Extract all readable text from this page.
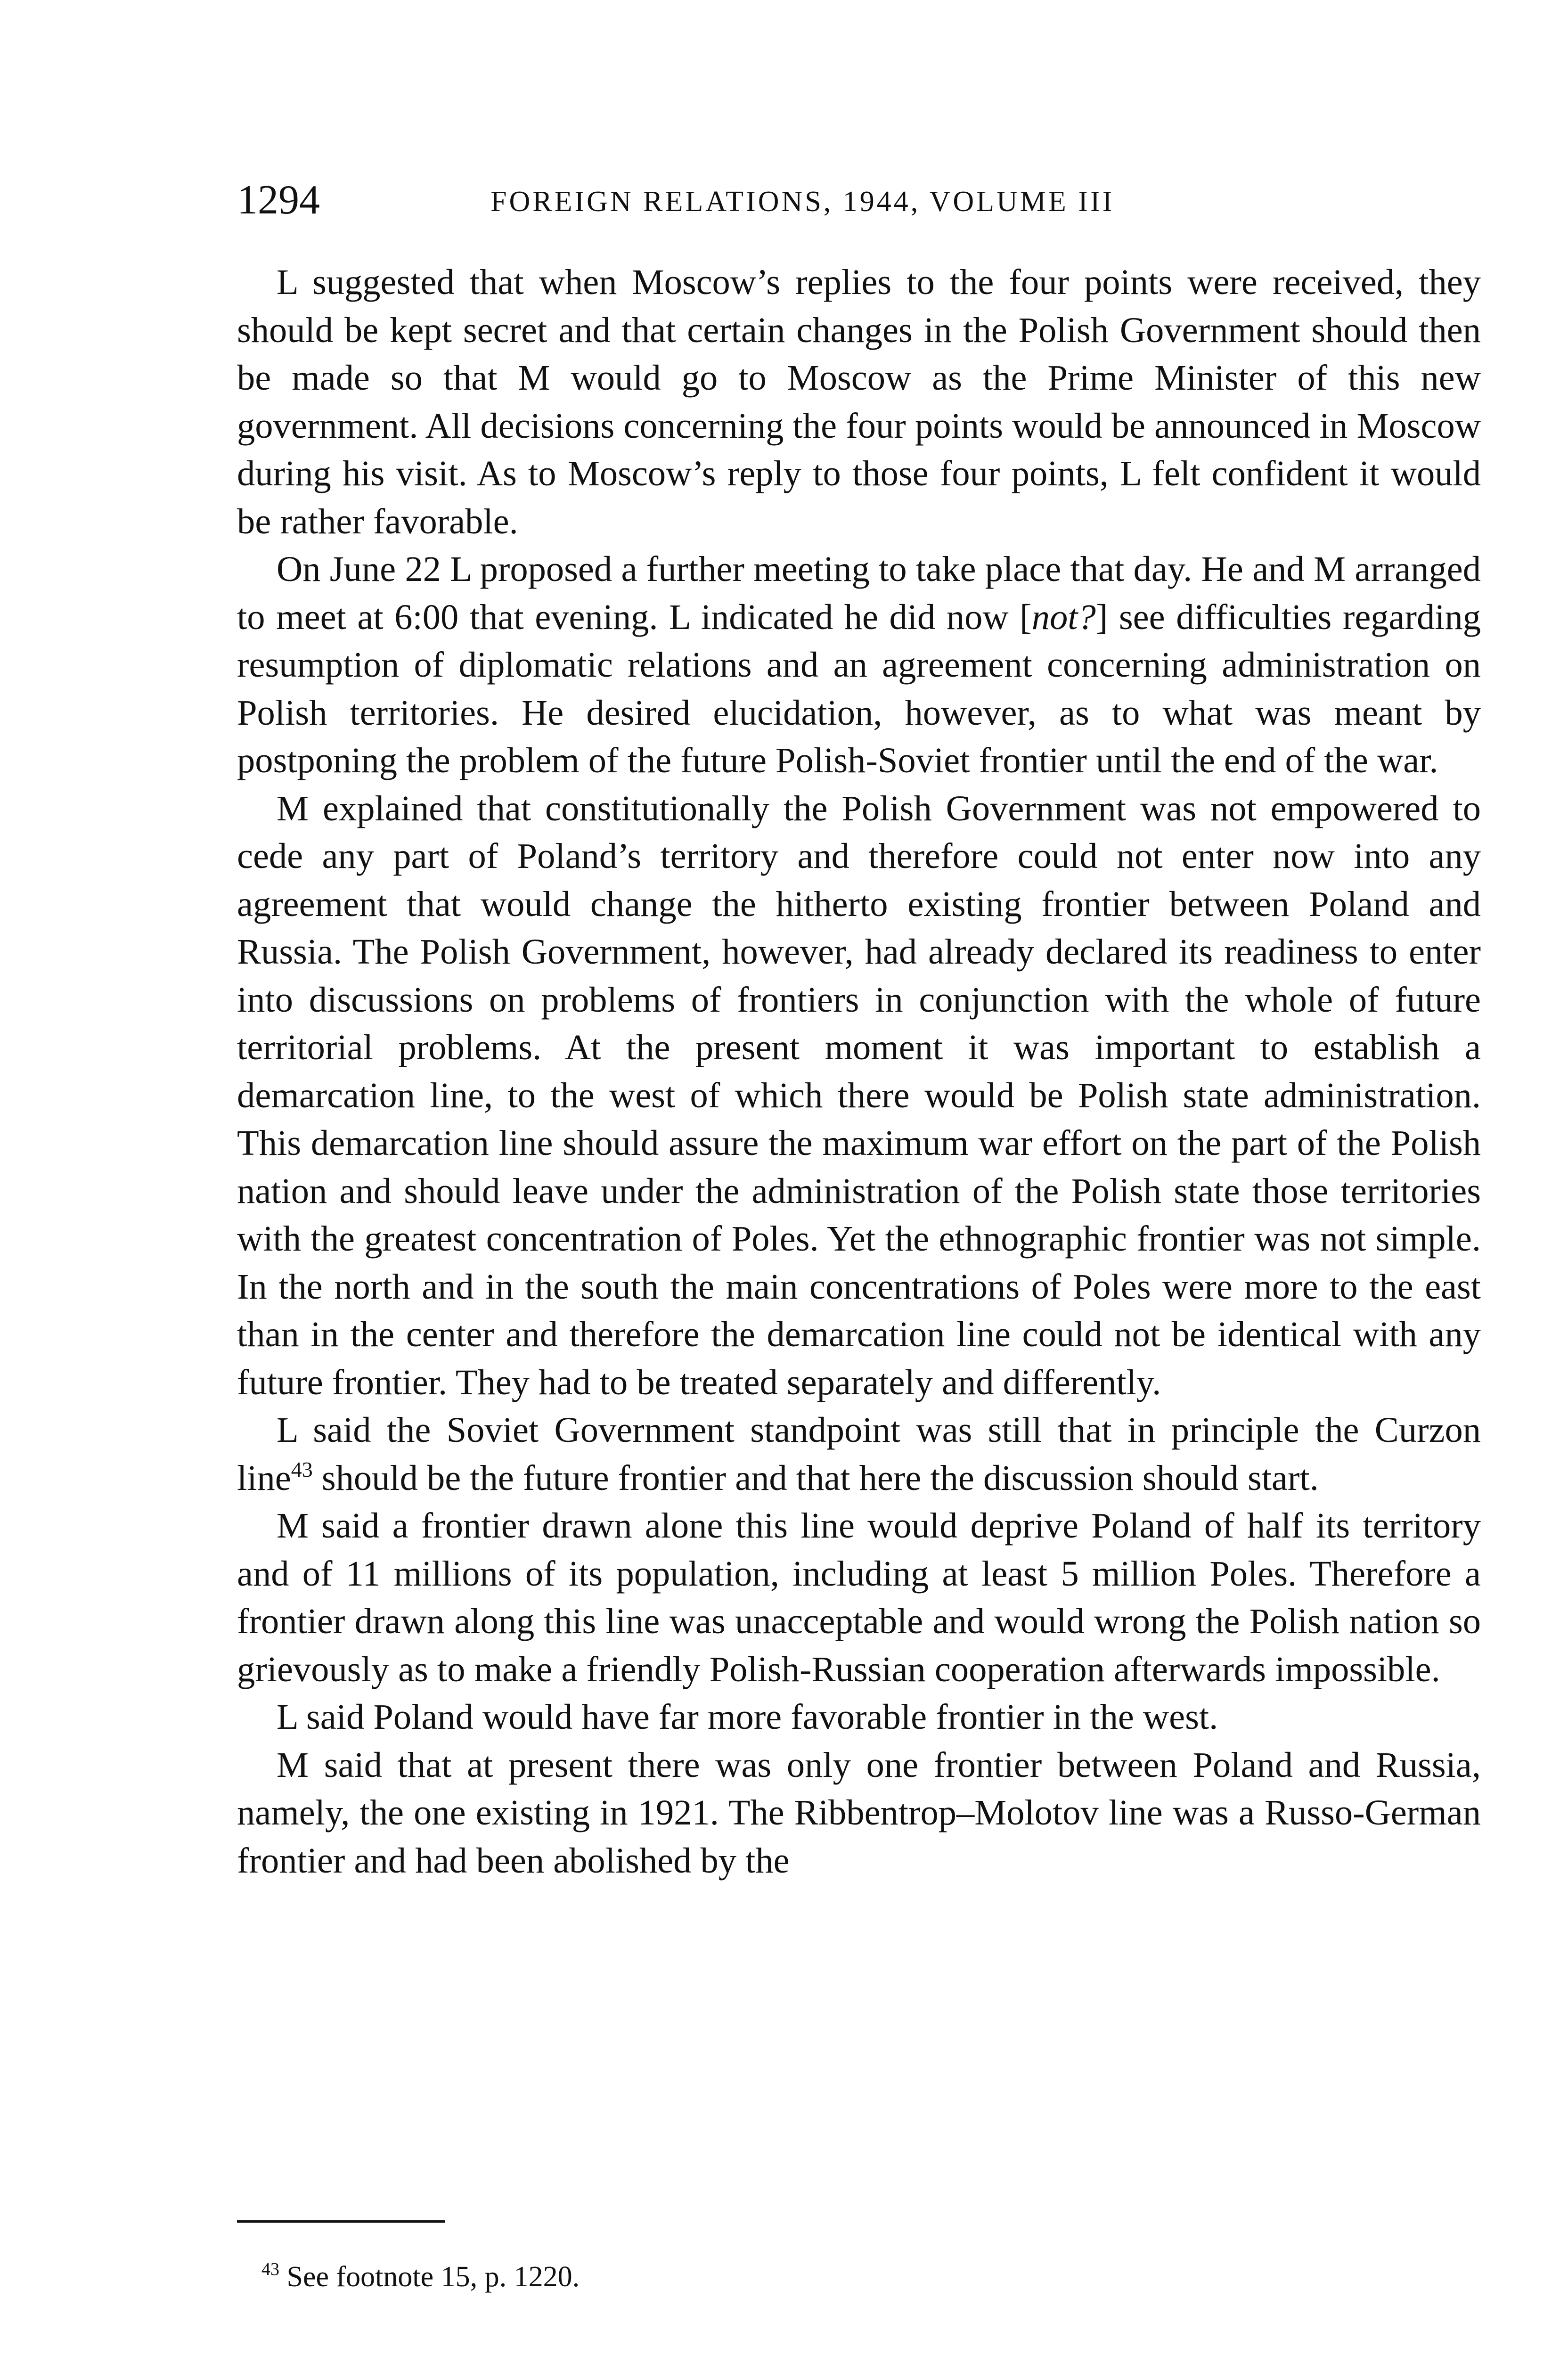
1294	FOREIGN RELATIONS, 1944, VOLUME III

L suggested that when Moscow’s replies to the four points were received, they should be kept secret and that certain changes in the Polish Government should then be made so that M would go to Moscow as the Prime Minister of this new government. All decisions concerning the four points would be announced in Moscow during his visit. As to Moscow’s reply to those four points, L felt confident it would be rather favorable.

On June 22 L proposed a further meeting to take place that day. He and M arranged to meet at 6:00 that evening. L indicated he did now [not?] see difficulties regarding resumption of diplomatic relations and an agreement concerning administration on Polish territories. He desired elucidation, however, as to what was meant by postponing the problem of the future Polish-Soviet frontier until the end of the war.

M explained that constitutionally the Polish Government was not empowered to cede any part of Poland’s territory and therefore could not enter now into any agreement that would change the hitherto existing frontier between Poland and Russia. The Polish Government, however, had already declared its readiness to enter into discussions on problems of frontiers in conjunction with the whole of future territorial problems. At the present moment it was important to establish a demarcation line, to the west of which there would be Polish state administration. This demarcation line should assure the maximum war effort on the part of the Polish nation and should leave under the administration of the Polish state those territories with the greatest concentration of Poles. Yet the ethnographic frontier was not simple. In the north and in the south the main concentrations of Poles were more to the east than in the center and therefore the demarcation line could not be identical with any future frontier. They had to be treated separately and differently.

L said the Soviet Government standpoint was still that in principle the Curzon line$^{43}$ should be the future frontier and that here the discussion should start.

M said a frontier drawn alone this line would deprive Poland of half its territory and of 11 millions of its population, including at least 5 million Poles. Therefore a frontier drawn along this line was unacceptable and would wrong the Polish nation so grievously as to make a friendly Polish-Russian cooperation afterwards impossible.

L said Poland would have far more favorable frontier in the west.

M said that at present there was only one frontier between Poland and Russia, namely, the one existing in 1921. The Ribbentrop–Molotov line was a Russo-German frontier and had been abolished by the

$^{43}$ See footnote 15, p. 1220.
